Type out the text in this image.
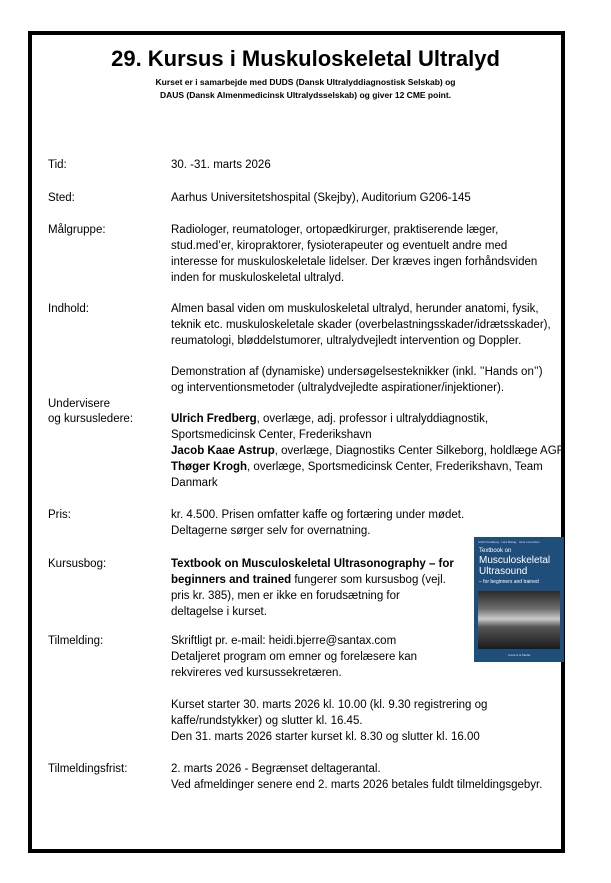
29. Kursus i Muskuloskeletal Ultralyd
Kurset er i samarbejde med DUDS (Dansk Ultralyddiagnostisk Selskab) og
DAUS (Dansk Almenmedicinsk Ultralydsselskab) og giver 12 CME point.
Tid:	30. -31. marts 2026
Sted:	Aarhus Universitetshospital (Skejby), Auditorium G206-145
Målgruppe:	Radiologer, reumatologer, ortopædkirurger, praktiserende læger,
stud.med’er, kiropraktorer, fysioterapeuter og eventuelt andre med
interesse for muskuloskeletale lidelser. Der kræves ingen forhåndsviden
inden for muskuloskeletal ultralyd.
Indhold:	Almen basal viden om muskuloskeletal ultralyd, herunder anatomi, fysik,
teknik etc. muskuloskeletale skader (overbelastningsskader/idrætsskader),
reumatologi, bløddelstumorer, ultralydvejledt intervention og Doppler.
Demonstration af (dynamiske) undersøgelsesteknikker (inkl. ’’Hands on’’)
og interventionsmetoder (ultralydvejledte aspirationer/injektioner).
Undervisere
og kursusledere:	Ulrich Fredberg, overlæge, adj. professor i ultralyddiagnostik,
Sportsmedicinsk Center, Frederikshavn
Jacob Kaae Astrup, overlæge, Diagnostiks Center Silkeborg, holdlæge AGF
Thøger Krogh, overlæge, Sportsmedicinsk Center, Frederikshavn, Team
Danmark
Pris:	kr. 4.500. Prisen omfatter kaffe og fortæring under mødet.
Deltagerne sørger selv for overnatning.
Kursusbog:	Textbook on Musculoskeletal Ultrasonography – for
beginners and trained fungerer som kursusbog (vejl.
pris kr. 385), men er ikke en forudsætning for
deltagelse i kurset.
Ulrich Fredberg · Lars Bolvig · Jens Lorentzen
Textbook on
Musculoskeletal
Ultrasound
– for beginners and trained
Content & Media
Tilmelding:	Skriftligt pr. e-mail: heidi.bjerre@santax.com
Detaljeret program om emner og forelæsere kan
rekvireres ved kursussekretæren.
Kurset starter 30. marts 2026 kl. 10.00 (kl. 9.30 registrering og
kaffe/rundstykker) og slutter kl. 16.45.
Den 31. marts 2026 starter kurset kl. 8.30 og slutter kl. 16.00
Tilmeldingsfrist:	2. marts 2026 - Begrænset deltagerantal.
Ved afmeldinger senere end 2. marts 2026 betales fuldt tilmeldingsgebyr.
